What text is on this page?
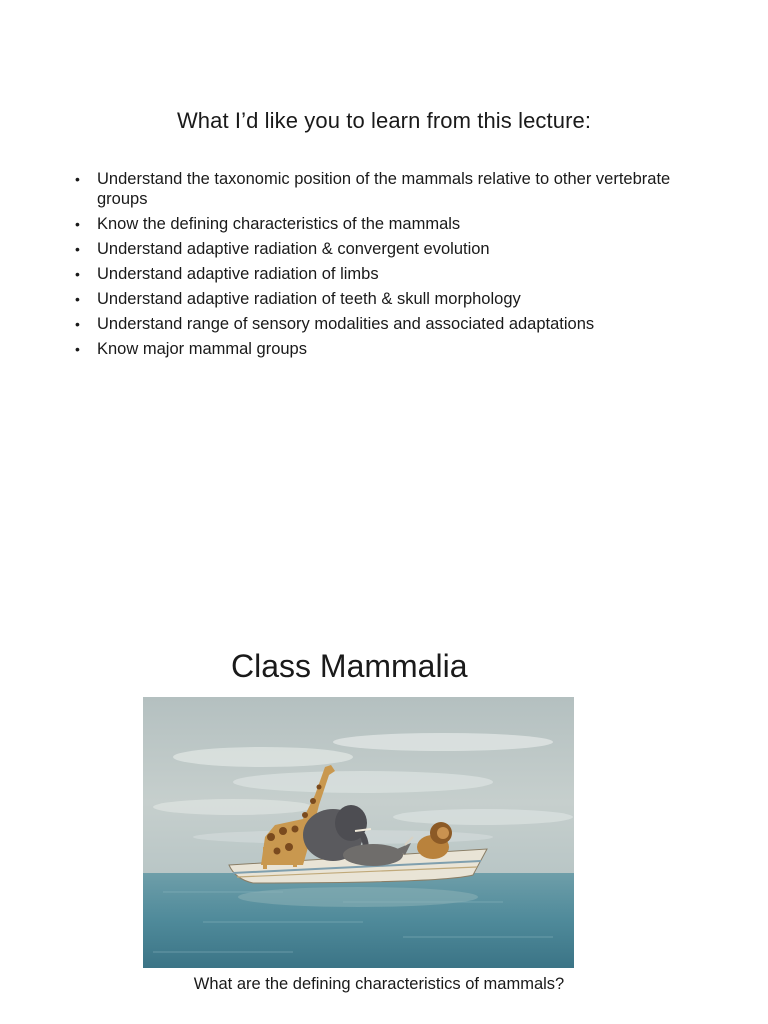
What I’d like you to learn from this lecture:
• Understand the taxonomic position of the mammals relative to other vertebrate groups
• Know the defining characteristics of the mammals
• Understand adaptive radiation & convergent evolution
• Understand adaptive radiation of limbs
• Understand adaptive radiation of teeth & skull morphology
• Understand range of sensory modalities and associated adaptations
• Know major mammal groups
Class Mammalia

What are the defining characteristics of mammals?
